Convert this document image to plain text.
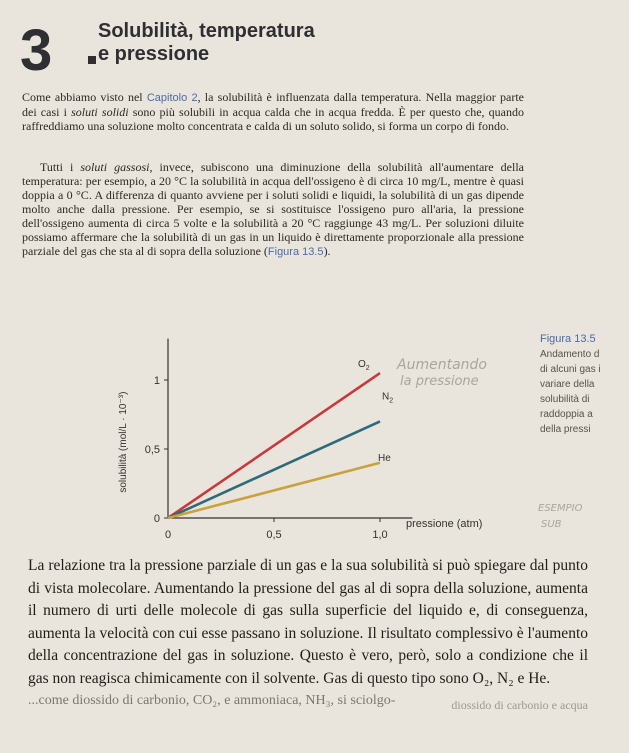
3 Solubilità, temperatura
e pressione

Come abbiamo visto nel Capitolo 2, la solubilità è influenzata dalla temperatura. Nella maggior parte dei casi i soluti solidi sono più solubili in acqua calda che in acqua fredda. È per questo che, quando raffreddiamo una soluzione molto concentrata e calda di un soluto solido, si forma un corpo di fondo.

Tutti i soluti gassosi, invece, subiscono una diminuzione della solubilità all'aumentare della temperatura: per esempio, a 20 °C la solubilità in acqua dell'ossigeno è di circa 10 mg/L, mentre è quasi doppia a 0 °C. A differenza di quanto avviene per i soluti solidi e liquidi, la solubilità di un gas dipende molto anche dalla pressione. Per esempio, se si sostituisce l'ossigeno puro all'aria, la pressione dell'ossigeno aumenta di circa 5 volte e la solubilità a 20 °C raggiunge 43 mg/L. Per soluzioni diluite possiamo affermare che la solubilità di un gas in un liquido è direttamente proporzionale alla pressione parziale del gas che sta al di sopra della soluzione (Figura 13.5).

Aumentando
la pressione
ESEMPIO
SUB
0
0,5
1
0	0,5	1,0
pressione (atm)
solubilità (mol/L · 10⁻³)
$O_2$
$N_2$
He
Figura 13.5
Andamento d
di alcuni gas i
variare della
solubilità di
raddoppia a
della pressi

La relazione tra la pressione parziale di un gas e la sua solubilità si può spiegare dal punto di vista molecolare. Aumentando la pressione del gas al di sopra della soluzione, aumenta il numero di urti delle molecole di gas sulla superficie del liquido e, di conseguenza, aumenta la velocità con cui esse passano in soluzione. Il risultato complessivo è l'aumento della concentrazione del gas in soluzione. Questo è vero, però, solo a condizione che il gas non reagisca chimicamente con il solvente. Gas di questo tipo sono O₂, N₂ e He.

...come diossido di carbonio, CO₂, e ammoniaca, NH₃, si sciolgo-	diossido di carbonio e acqua
